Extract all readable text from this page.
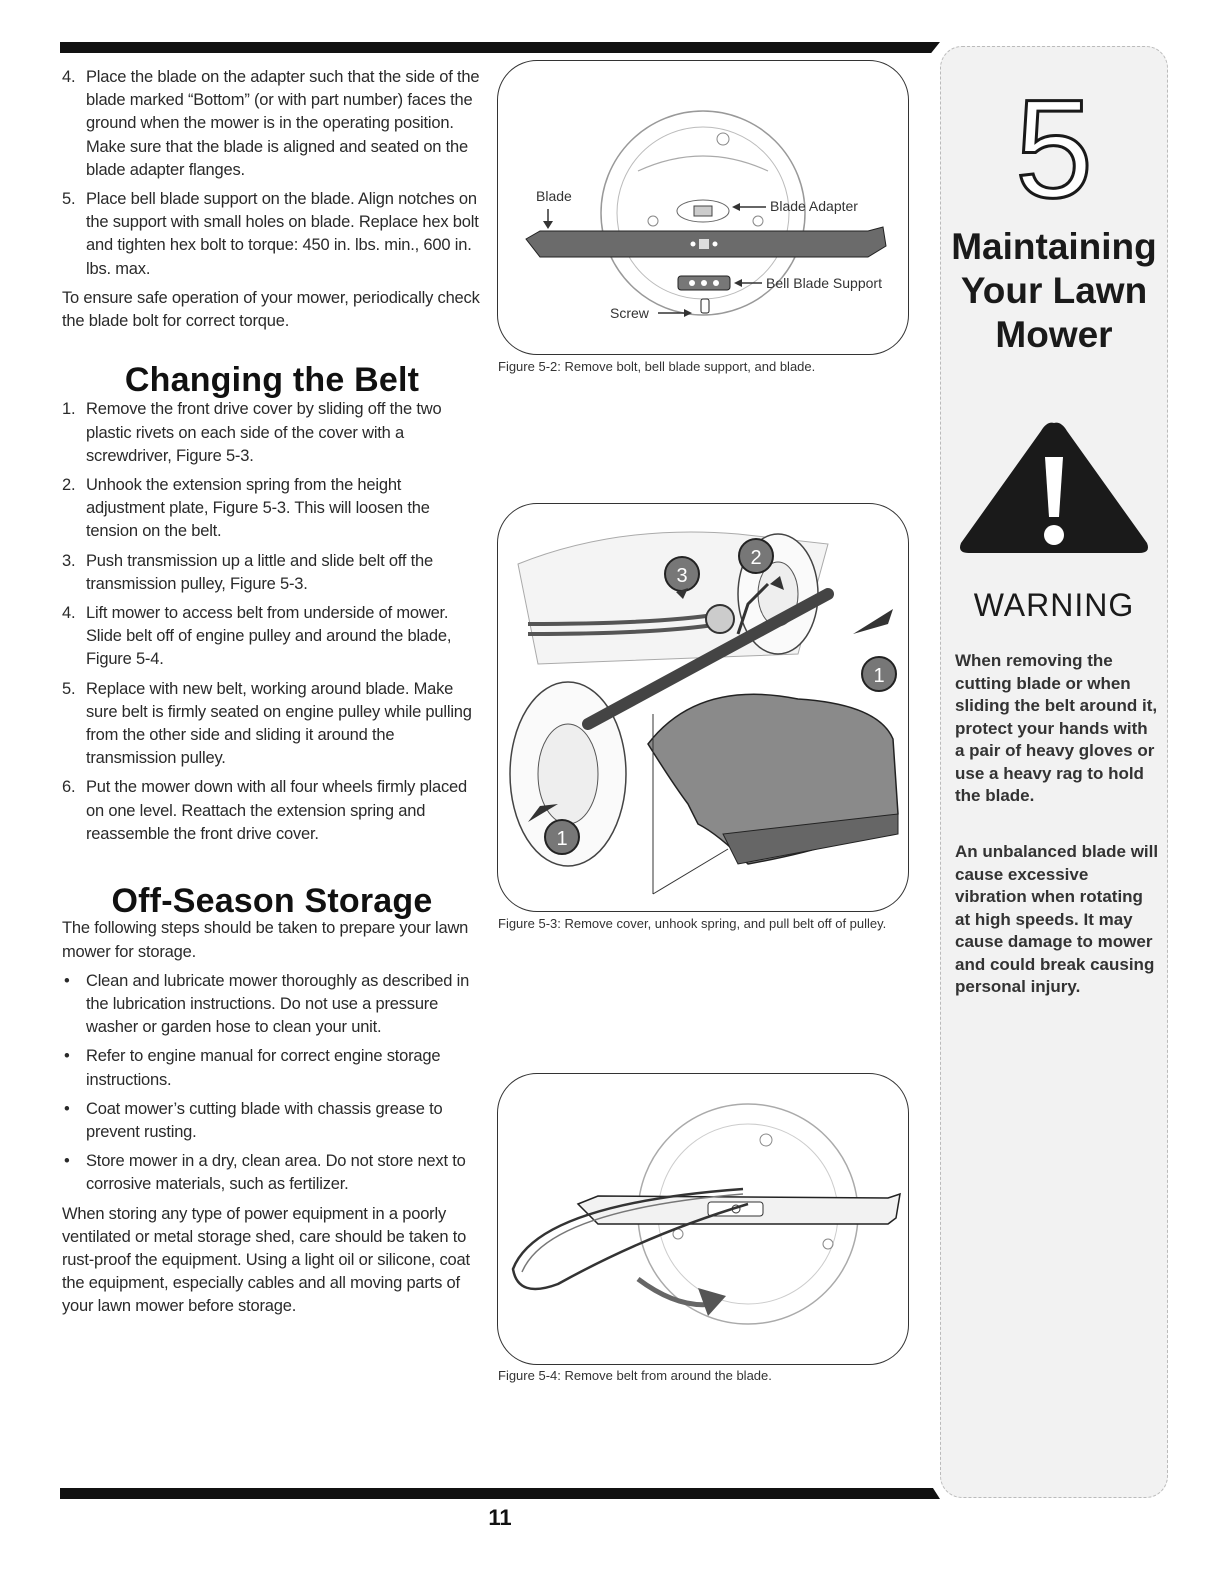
11
4. Place the blade on the adapter such that the side of the blade marked “Bottom” (or with part number) faces the ground when the mower is in the operating position. Make sure that the blade is aligned and seated on the blade adapter flanges.
5. Place bell blade support on the blade. Align notches on the support with small holes on blade. Replace hex bolt and tighten hex bolt to torque: 450 in. lbs. min., 600 in. lbs. max.

To ensure safe operation of your mower, periodically check the blade bolt for correct torque.

Changing the Belt
1. Remove the front drive cover by sliding off the two plastic rivets on each side of the cover with a screwdriver, Figure 5-3.
2. Unhook the extension spring from the height adjustment plate, Figure 5-3. This will loosen the tension on the belt.
3. Push transmission up a little and slide belt off the transmission pulley, Figure 5-3.
4. Lift mower to access belt from underside of mower. Slide belt off of engine pulley and around the blade, Figure 5-4.
5. Replace with new belt, working around blade. Make sure belt is firmly seated on engine pulley while pulling from the other side and sliding it around the transmission pulley.
6. Put the mower down with all four wheels firmly placed on one level. Reattach the extension spring and reassemble the front drive cover.
Off-Season Storage

The following steps should be taken to prepare your lawn mower for storage.

• Clean and lubricate mower thoroughly as described in the lubrication instructions. Do not use a pressure washer or garden hose to clean your unit.
• Refer to engine manual for correct engine storage instructions.
• Coat mower’s cutting blade with chassis grease to prevent rusting.
• Store mower in a dry, clean area. Do not store next to corrosive materials, such as fertilizer.

When storing any type of power equipment in a poorly ventilated or metal storage shed, care should be taken to rust-proof the equipment. Using a light oil or silicone, coat the equipment, especially cables and all moving parts of your lawn mower before storage.

Blade
Blade Adapter
Bell Blade Support
Screw
Figure 5-2: Remove bolt, bell blade support, and blade.
3
2
1
1
Figure 5-3: Remove cover, unhook spring, and pull belt off of pulley.
Figure 5-4: Remove belt from around the blade.
5
Maintaining
Your Lawn
Mower
WARNING
When removing the cutting blade or when sliding the belt around it, protect your hands with a pair of heavy gloves or use a heavy rag to hold the blade.
An unbalanced blade will cause excessive vibration when rotating at high speeds. It may cause damage to mower and could break causing personal injury.
